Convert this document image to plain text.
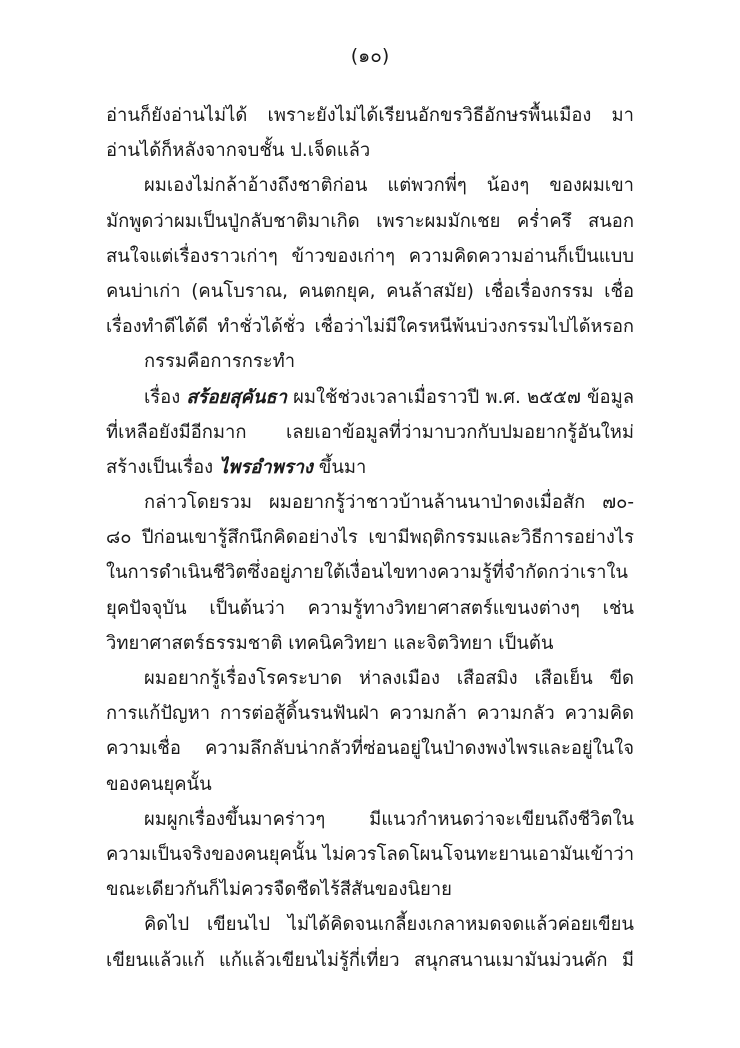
(๑๐)
อ่านก็ยังอ่านไม่ได้ เพราะยังไม่ได้เรียนอักขรวิธีอักษรพื้นเมือง มา
อ่านได้ก็หลังจากจบชั้น ป.เจ็ดแล้ว
ผมเองไม่กล้าอ้างถึงชาติก่อน แต่พวกพี่ๆ น้องๆ ของผมเขา
มักพูดว่าผมเป็นปู่กลับชาติมาเกิด เพราะผมมักเชย คร่ำครึ สนอก
สนใจแต่เรื่องราวเก่าๆ ข้าวของเก่าๆ ความคิดความอ่านก็เป็นแบบ
คนบ่าเก่า (คนโบราณ, คนตกยุค, คนล้าสมัย) เชื่อเรื่องกรรม เชื่อ
เรื่องทำดีได้ดี ทำชั่วได้ชั่ว เชื่อว่าไม่มีใครหนีพ้นบ่วงกรรมไปได้หรอก
กรรมคือการกระทำ
เรื่อง สร้อยสุคันธา ผมใช้ช่วงเวลาเมื่อราวปี พ.ศ. ๒๕๕๗ ข้อมูล
ที่เหลือยังมีอีกมาก เลยเอาข้อมูลที่ว่ามาบวกกับปมอยากรู้อันใหม่
สร้างเป็นเรื่อง ไพรอำพราง ขึ้นมา
กล่าวโดยรวม ผมอยากรู้ว่าชาวบ้านล้านนาป่าดงเมื่อสัก ๗๐-
๘๐ ปีก่อนเขารู้สึกนึกคิดอย่างไร เขามีพฤติกรรมและวิธีการอย่างไร
ในการดำเนินชีวิตซึ่งอยู่ภายใต้เงื่อนไขทางความรู้ที่จำกัดกว่าเราใน
ยุคปัจจุบัน เป็นต้นว่า ความรู้ทางวิทยาศาสตร์แขนงต่างๆ เช่น
วิทยาศาสตร์ธรรมชาติ เทคนิควิทยา และจิตวิทยา เป็นต้น
ผมอยากรู้เรื่องโรคระบาด ห่าลงเมือง เสือสมิง เสือเย็น ขีด
การแก้ปัญหา การต่อสู้ดิ้นรนฟันฝ่า ความกล้า ความกลัว ความคิด
ความเชื่อ ความลึกลับน่ากลัวที่ซ่อนอยู่ในป่าดงพงไพรและอยู่ในใจ
ของคนยุคนั้น
ผมผูกเรื่องขึ้นมาคร่าวๆ มีแนวกำหนดว่าจะเขียนถึงชีวิตใน
ความเป็นจริงของคนยุคนั้น ไม่ควรโลดโผนโจนทะยานเอามันเข้าว่า
ขณะเดียวกันก็ไม่ควรจืดชืดไร้สีสันของนิยาย
คิดไป เขียนไป ไม่ได้คิดจนเกลี้ยงเกลาหมดจดแล้วค่อยเขียน
เขียนแล้วแก้ แก้แล้วเขียนไม่รู้กี่เที่ยว สนุกสนานเมามันม่วนคัก มี
